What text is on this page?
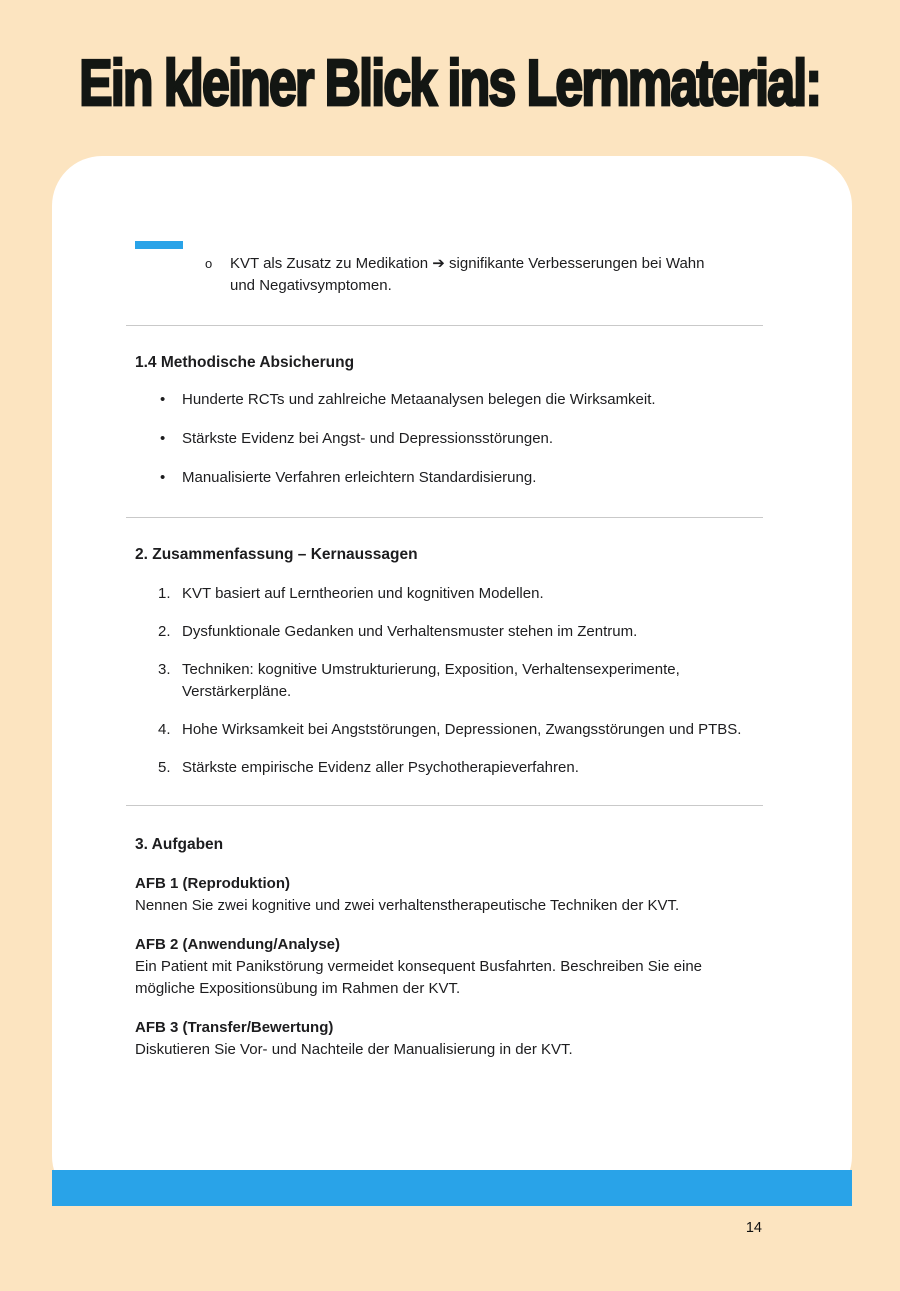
Ein kleiner Blick ins Lernmaterial:
o	KVT als Zusatz zu Medikation ➔ signifikante Verbesserungen bei Wahn und Negativsymptomen.
1.4 Methodische Absicherung
•	Hunderte RCTs und zahlreiche Metaanalysen belegen die Wirksamkeit.
•	Stärkste Evidenz bei Angst- und Depressionsstörungen.
•	Manualisierte Verfahren erleichtern Standardisierung.
2. Zusammenfassung – Kernaussagen
1. KVT basiert auf Lerntheorien und kognitiven Modellen.
2. Dysfunktionale Gedanken und Verhaltensmuster stehen im Zentrum.
3. Techniken: kognitive Umstrukturierung, Exposition, Verhaltensexperimente, Verstärkerpläne.
4. Hohe Wirksamkeit bei Angststörungen, Depressionen, Zwangsstörungen und PTBS.
5. Stärkste empirische Evidenz aller Psychotherapieverfahren.
3. Aufgaben
AFB 1 (Reproduktion)
Nennen Sie zwei kognitive und zwei verhaltenstherapeutische Techniken der KVT.
AFB 2 (Anwendung/Analyse)
Ein Patient mit Panikstörung vermeidet konsequent Busfahrten. Beschreiben Sie eine mögliche Expositionsübung im Rahmen der KVT.
AFB 3 (Transfer/Bewertung)
Diskutieren Sie Vor- und Nachteile der Manualisierung in der KVT.
14
